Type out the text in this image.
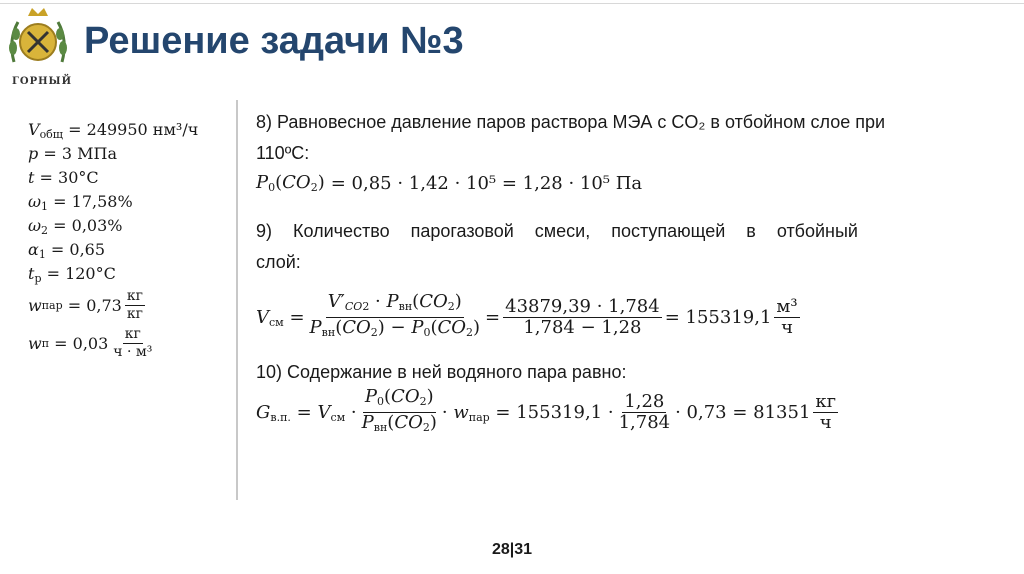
ГОРНЫЙ
Решение задачи №3
$V_{общ} = 249950$ нм³/ч
p = 3 МПа
t = 30°С
$\omega_1 = 17,58\%$
$\omega_2 = 0,03\%$
$\alpha_1 = 0,65$
$t_р = 120^\circ С$
w пар
= $0,73 \frac{кг}{кг}$
w п
= $0,03 \frac{кг}{\text{ч · м³}}$
8) Равновесное давление паров раствора МЭА с CO₂ в отбойном слое при
110ºC:
$P_0(CO_2) = 0,85 \cdot 1,42 \cdot 10^5 = 1,28 \cdot 10^5$ Па
9) Количество парогазовой смеси, поступающей в отбойный
слой:
$V_{см} = \frac{V'_{CO2} \cdot P_{вн}(CO_2)}{P_{вн}(CO_2) - P_0(CO_2)} = \frac{43879,39 \cdot 1,784}{1,784 - 1,28} = 155319,1 \frac{\text{м³}}{ч}$
10) Содержание в ней водяного пара равно:
$G_{в.п.} = V_{см} \cdot \frac{P_0(CO_2)}{P_{вн}(CO_2)} \cdot w_{пар} = 155319,1 \cdot \frac{1,28}{1,784} \cdot 0,73 = 81351 \frac{кг}{ч}$
28|31
